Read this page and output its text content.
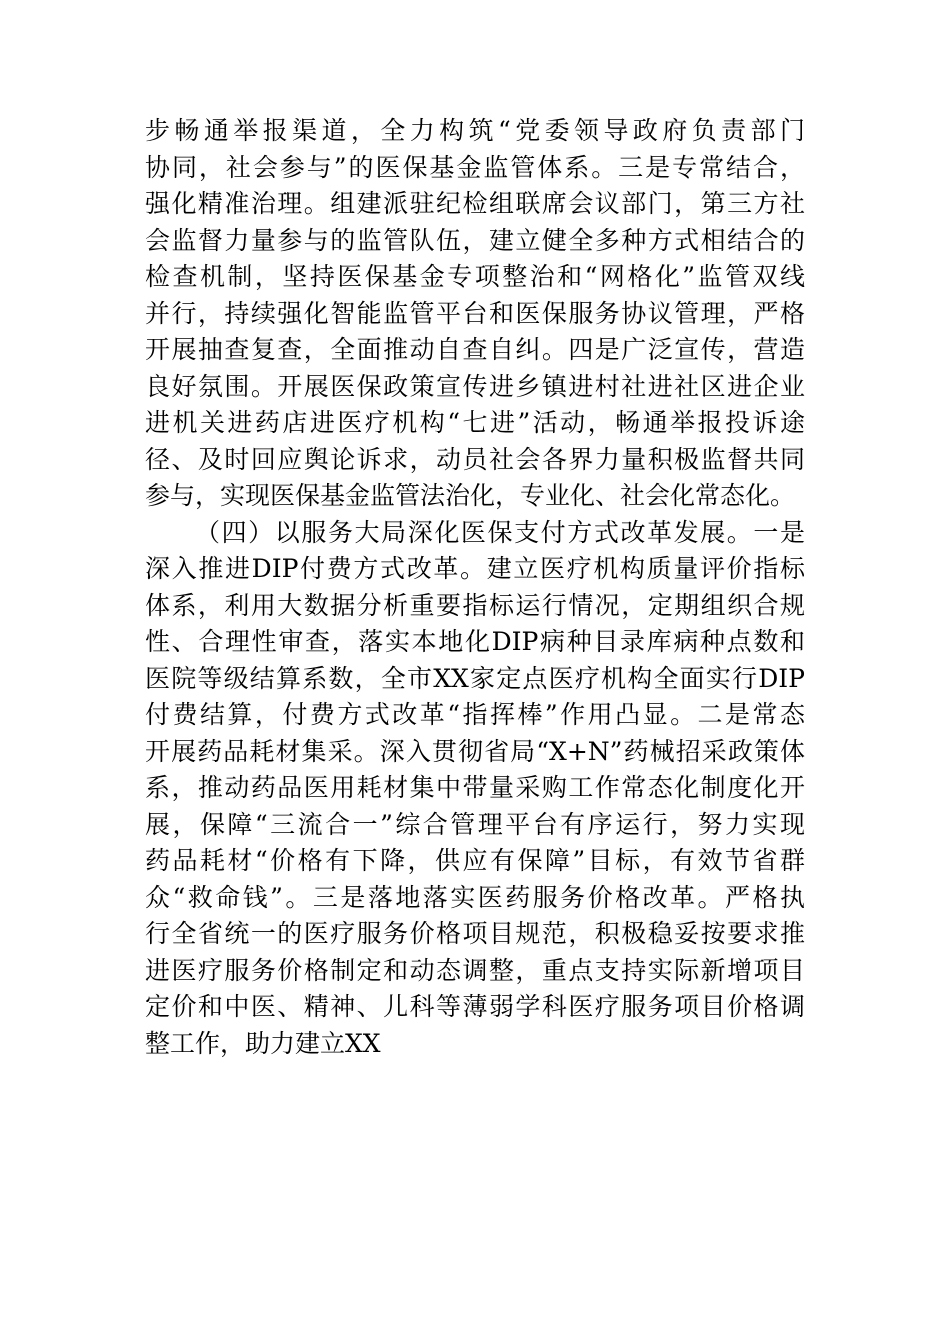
步畅通举报渠道，全力构筑“党委领导政府负责部门
协同，社会参与”的医保基金监管体系。三是专常结合，
强化精准治理。组建派驻纪检组联席会议部门，第三方社
会监督力量参与的监管队伍，建立健全多种方式相结合的
检查机制，坚持医保基金专项整治和“网格化”监管双线
并行，持续强化智能监管平台和医保服务协议管理，严格
开展抽查复查，全面推动自查自纠。四是广泛宣传，营造
良好氛围。开展医保政策宣传进乡镇进村社进社区进企业
进机关进药店进医疗机构“七进”活动，畅通举报投诉途
径、及时回应舆论诉求，动员社会各界力量积极监督共同
参与，实现医保基金监管法治化，专业化、社会化常态化。
（四）以服务大局深化医保支付方式改革发展。一是
深入推进DIP付费方式改革。建立医疗机构质量评价指标
体系，利用大数据分析重要指标运行情况，定期组织合规
性、合理性审查，落实本地化DIP病种目录库病种点数和
医院等级结算系数，全市XX家定点医疗机构全面实行DIP
付费结算，付费方式改革“指挥棒”作用凸显。二是常态
开展药品耗材集采。深入贯彻省局“X+N”药械招采政策体
系，推动药品医用耗材集中带量采购工作常态化制度化开
展，保障“三流合一”综合管理平台有序运行，努力实现
药品耗材“价格有下降，供应有保障”目标，有效节省群
众“救命钱”。三是落地落实医药服务价格改革。严格执
行全省统一的医疗服务价格项目规范，积极稳妥按要求推
进医疗服务价格制定和动态调整，重点支持实际新增项目
定价和中医、精神、儿科等薄弱学科医疗服务项目价格调
整工作，助力建立XX
